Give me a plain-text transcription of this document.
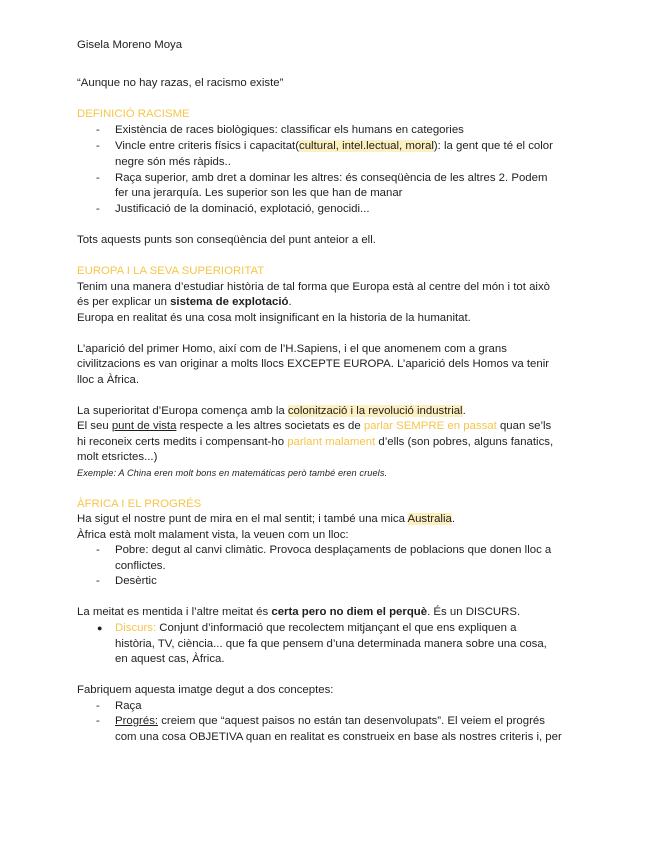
Gisela Moreno Moya
“Aunque no hay razas, el racismo existe”
DEFINICIÓ RACISME
- Existència de races biològiques: classificar els humans en categories
- Vincle entre criteris físics i capacitat(cultural, intel.lectual, moral): la gent que té el color
negre són més ràpids..
- Raça superior, amb dret a dominar les altres: és conseqüència de les altres 2. Podem
fer una jerarquía. Les superior son les que han de manar
- Justificació de la dominació, explotació, genocidi...
Tots aquests punts son conseqüència del punt anteior a ell.
EUROPA I LA SEVA SUPERIORITAT
Tenim una manera d’estudiar història de tal forma que Europa està al centre del món i tot això
és per explicar un sistema de explotació.
Europa en realitat és una cosa molt insignificant en la historia de la humanitat.
L’aparició del primer Homo, així com de l’H.Sapiens, i el que anomenem com a grans
civilitzacions es van originar a molts llocs EXCEPTE EUROPA. L’aparició dels Homos va tenir
lloc a Àfrica.
La superioritat d’Europa comença amb la colonització i la revolució industrial.
El seu punt de vista respecte a les altres societats es de parlar SEMPRE en passat quan se’ls
hi reconeix certs medits i compensant-ho parlant malament d’ells (son pobres, alguns fanatics,
molt etsrictes...)
Exemple: A China eren molt bons en matemáticas però també eren cruels.
ÀFRICA I EL PROGRÉS
Ha sigut el nostre punt de mira en el mal sentit; i també una mica Australia.
Àfrica està molt malament vista, la veuen com un lloc:
- Pobre: degut al canvi climàtic. Provoca desplaçaments de poblacions que donen lloc a
conflictes.
- Desèrtic
La meitat es mentida i l’altre meitat és certa pero no diem el perquè. És un DISCURS.
● Discurs: Conjunt d’informació que recolectem mitjançant el que ens expliquen a
història, TV, ciència... que fa que pensem d’una determinada manera sobre una cosa,
en aquest cas, Àfrica.
Fabriquem aquesta imatge degut a dos conceptes:
- Raça
- Progrés: creiem que “aquest paisos no están tan desenvolupats”. El veiem el progrés
com una cosa OBJETIVA quan en realitat es construeix en base als nostres criteris i, per
